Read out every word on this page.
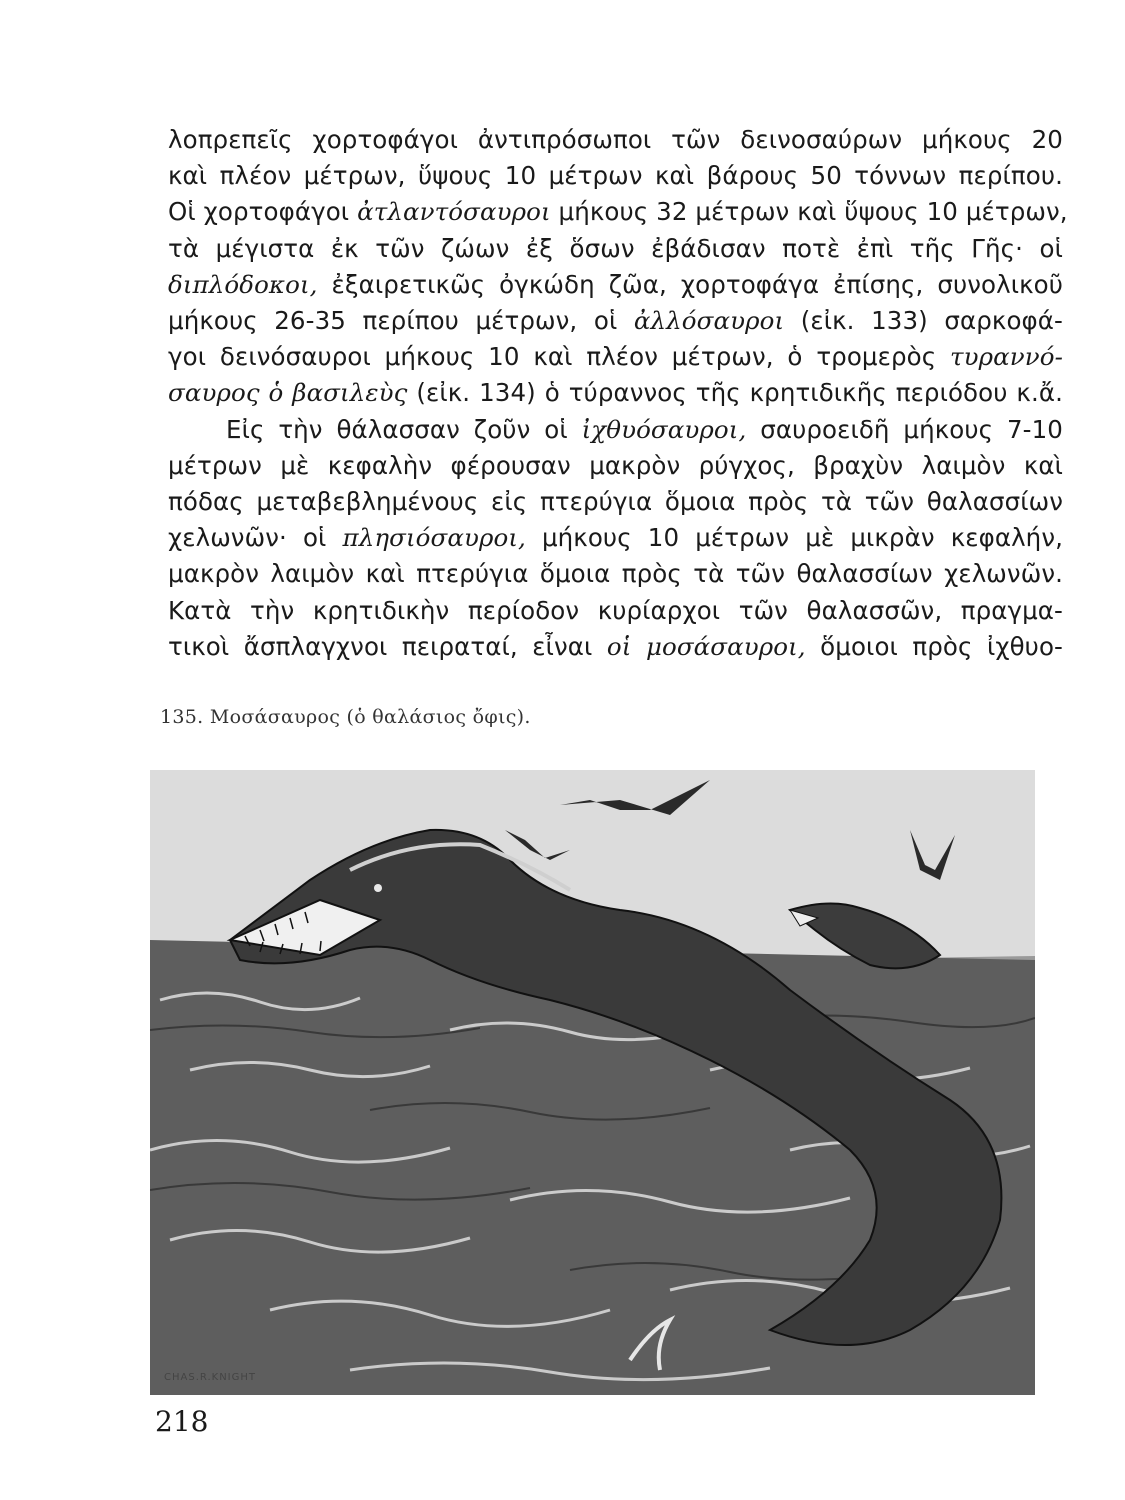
λοπρεπεῖς χορτοφάγοι ἀντιπρόσωποι τῶν δεινοσαύρων μήκους 20
καὶ πλέον μέτρων, ὕψους 10 μέτρων καὶ βάρους 50 τόννων περίπου.
Οἱ χορτοφάγοι ἀτλαντόσαυροι μήκους 32 μέτρων καὶ ὕψους 10 μέτρων,
τὰ μέγιστα ἐκ τῶν ζώων ἐξ ὅσων ἐβάδισαν ποτὲ ἐπὶ τῆς Γῆς· οἱ
διπλόδοκοι, ἐξαιρετικῶς ὀγκώδη ζῶα, χορτοφάγα ἐπίσης, συνολικοῦ
μήκους 26-35 περίπου μέτρων, οἱ ἀλλόσαυροι (εἰκ. 133) σαρκοφά-
γοι δεινόσαυροι μήκους 10 καὶ πλέον μέτρων, ὁ τρομερὸς τυραννό-
σαυρος ὁ βασιλεὺς (εἰκ. 134) ὁ τύραννος τῆς κρητιδικῆς περιόδου κ.ἄ.
Εἰς τὴν θάλασσαν ζοῦν οἱ ἰχθυόσαυροι, σαυροειδῆ μήκους 7-10
μέτρων μὲ κεφαλὴν φέρουσαν μακρὸν ρύγχος, βραχὺν λαιμὸν καὶ
πόδας μεταβεβλημένους εἰς πτερύγια ὅμοια πρὸς τὰ τῶν θαλασσίων
χελωνῶν· οἱ πλησιόσαυροι, μήκους 10 μέτρων μὲ μικρὰν κεφαλήν,
μακρὸν λαιμὸν καὶ πτερύγια ὅμοια πρὸς τὰ τῶν θαλασσίων χελωνῶν.
Κατὰ τὴν κρητιδικὴν περίοδον κυρίαρχοι τῶν θαλασσῶν, πραγμα-
τικοὶ ἄσπλαγχνοι πειραταί, εἶναι οἱ μοσάσαυροι, ὅμοιοι πρὸς ἰχθυο-
135. Μοσάσαυρος (ὁ θαλάσιος ὄφις).
CHAS.R.KNIGHT
218
